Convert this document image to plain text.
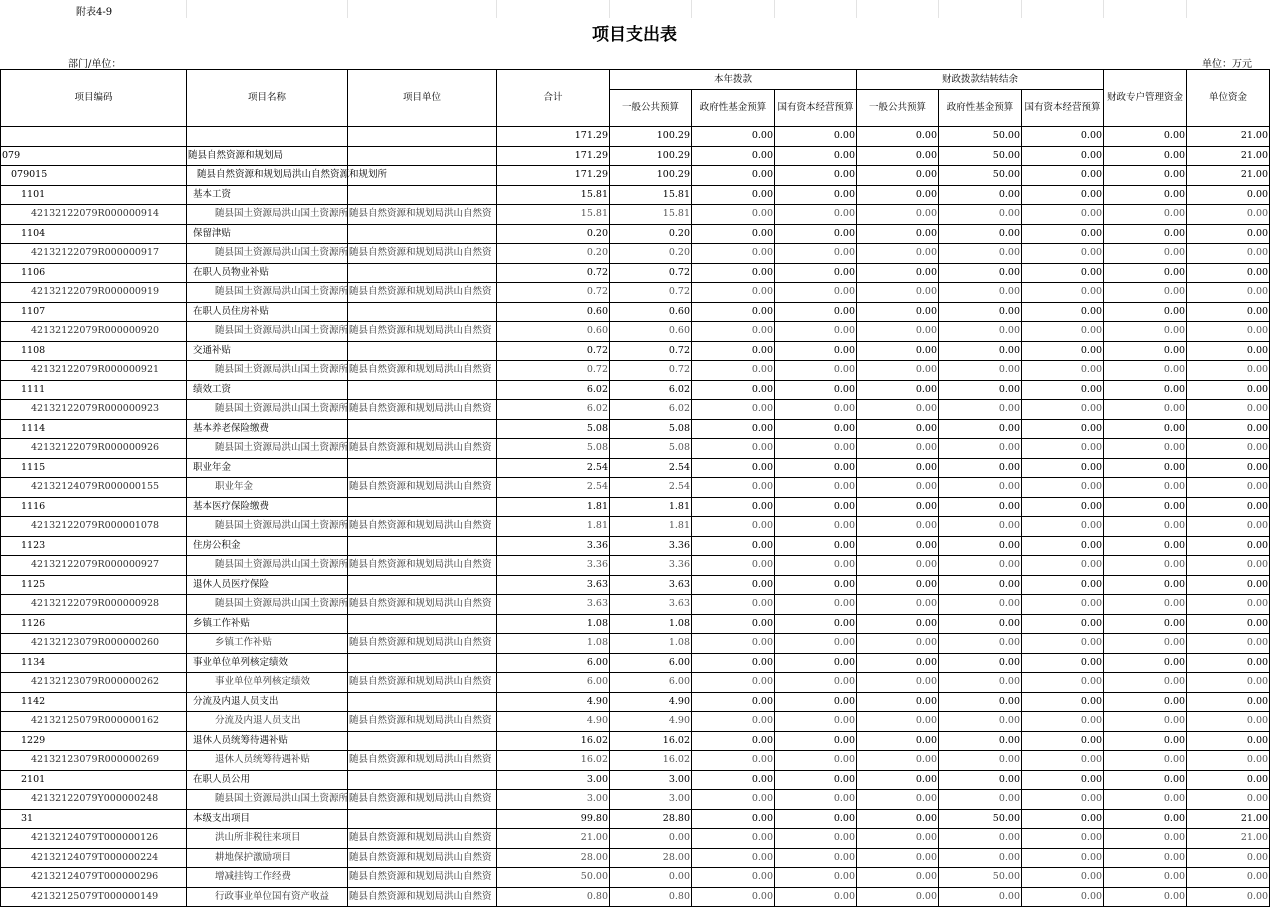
附表4-9
项目支出表
部门/单位：	单位：万元
项目编码	项目名称	项目单位	合计	本年拨款			财政拨款结转结余			财政专户管理资金	单位资金
				一般公共预算	政府性基金预算	国有资本经营预算	一般公共预算	政府性基金预算	国有资本经营预算		
			171.29	100.29	0.00	0.00	0.00	50.00	0.00	0.00	21.00
079	随县自然资源和规划局		171.29	100.29	0.00	0.00	0.00	50.00	0.00	0.00	21.00
079015	随县自然资源和规划局洪山自然资源和规划所		171.29	100.29	0.00	0.00	0.00	50.00	0.00	0.00	21.00
1101	基本工资		15.81	15.81	0.00	0.00	0.00	0.00	0.00	0.00	0.00
42132122079R000000914	随县国土资源局洪山国土资源所	随县自然资源和规划局洪山自然资	15.81	15.81	0.00	0.00	0.00	0.00	0.00	0.00	0.00
1104	保留津贴		0.20	0.20	0.00	0.00	0.00	0.00	0.00	0.00	0.00
42132122079R000000917	随县国土资源局洪山国土资源所	随县自然资源和规划局洪山自然资	0.20	0.20	0.00	0.00	0.00	0.00	0.00	0.00	0.00
1106	在职人员物业补贴		0.72	0.72	0.00	0.00	0.00	0.00	0.00	0.00	0.00
42132122079R000000919	随县国土资源局洪山国土资源所	随县自然资源和规划局洪山自然资	0.72	0.72	0.00	0.00	0.00	0.00	0.00	0.00	0.00
1107	在职人员住房补贴		0.60	0.60	0.00	0.00	0.00	0.00	0.00	0.00	0.00
42132122079R000000920	随县国土资源局洪山国土资源所	随县自然资源和规划局洪山自然资	0.60	0.60	0.00	0.00	0.00	0.00	0.00	0.00	0.00
1108	交通补贴		0.72	0.72	0.00	0.00	0.00	0.00	0.00	0.00	0.00
42132122079R000000921	随县国土资源局洪山国土资源所	随县自然资源和规划局洪山自然资	0.72	0.72	0.00	0.00	0.00	0.00	0.00	0.00	0.00
1111	绩效工资		6.02	6.02	0.00	0.00	0.00	0.00	0.00	0.00	0.00
42132122079R000000923	随县国土资源局洪山国土资源所	随县自然资源和规划局洪山自然资	6.02	6.02	0.00	0.00	0.00	0.00	0.00	0.00	0.00
1114	基本养老保险缴费		5.08	5.08	0.00	0.00	0.00	0.00	0.00	0.00	0.00
42132122079R000000926	随县国土资源局洪山国土资源所	随县自然资源和规划局洪山自然资	5.08	5.08	0.00	0.00	0.00	0.00	0.00	0.00	0.00
1115	职业年金		2.54	2.54	0.00	0.00	0.00	0.00	0.00	0.00	0.00
42132124079R000000155	职业年金	随县自然资源和规划局洪山自然资	2.54	2.54	0.00	0.00	0.00	0.00	0.00	0.00	0.00
1116	基本医疗保险缴费		1.81	1.81	0.00	0.00	0.00	0.00	0.00	0.00	0.00
42132122079R000001078	随县国土资源局洪山国土资源所	随县自然资源和规划局洪山自然资	1.81	1.81	0.00	0.00	0.00	0.00	0.00	0.00	0.00
1123	住房公积金		3.36	3.36	0.00	0.00	0.00	0.00	0.00	0.00	0.00
42132122079R000000927	随县国土资源局洪山国土资源所	随县自然资源和规划局洪山自然资	3.36	3.36	0.00	0.00	0.00	0.00	0.00	0.00	0.00
1125	退休人员医疗保险		3.63	3.63	0.00	0.00	0.00	0.00	0.00	0.00	0.00
42132122079R000000928	随县国土资源局洪山国土资源所	随县自然资源和规划局洪山自然资	3.63	3.63	0.00	0.00	0.00	0.00	0.00	0.00	0.00
1126	乡镇工作补贴		1.08	1.08	0.00	0.00	0.00	0.00	0.00	0.00	0.00
42132123079R000000260	乡镇工作补贴	随县自然资源和规划局洪山自然资	1.08	1.08	0.00	0.00	0.00	0.00	0.00	0.00	0.00
1134	事业单位单列核定绩效		6.00	6.00	0.00	0.00	0.00	0.00	0.00	0.00	0.00
42132123079R000000262	事业单位单列核定绩效	随县自然资源和规划局洪山自然资	6.00	6.00	0.00	0.00	0.00	0.00	0.00	0.00	0.00
1142	分流及内退人员支出		4.90	4.90	0.00	0.00	0.00	0.00	0.00	0.00	0.00
42132125079R000000162	分流及内退人员支出	随县自然资源和规划局洪山自然资	4.90	4.90	0.00	0.00	0.00	0.00	0.00	0.00	0.00
1229	退休人员统筹待遇补贴		16.02	16.02	0.00	0.00	0.00	0.00	0.00	0.00	0.00
42132123079R000000269	退休人员统筹待遇补贴	随县自然资源和规划局洪山自然资	16.02	16.02	0.00	0.00	0.00	0.00	0.00	0.00	0.00
2101	在职人员公用		3.00	3.00	0.00	0.00	0.00	0.00	0.00	0.00	0.00
42132122079Y000000248	随县国土资源局洪山国土资源所	随县自然资源和规划局洪山自然资	3.00	3.00	0.00	0.00	0.00	0.00	0.00	0.00	0.00
31	本级支出项目		99.80	28.80	0.00	0.00	0.00	50.00	0.00	0.00	21.00
42132124079T000000126	洪山所非税往来项目	随县自然资源和规划局洪山自然资	21.00	0.00	0.00	0.00	0.00	0.00	0.00	0.00	21.00
42132124079T000000224	耕地保护激励项目	随县自然资源和规划局洪山自然资	28.00	28.00	0.00	0.00	0.00	0.00	0.00	0.00	0.00
42132124079T000000296	增减挂钩工作经费	随县自然资源和规划局洪山自然资	50.00	0.00	0.00	0.00	0.00	50.00	0.00	0.00	0.00
42132125079T000000149	行政事业单位国有资产收益	随县自然资源和规划局洪山自然资	0.80	0.80	0.00	0.00	0.00	0.00	0.00	0.00	0.00
